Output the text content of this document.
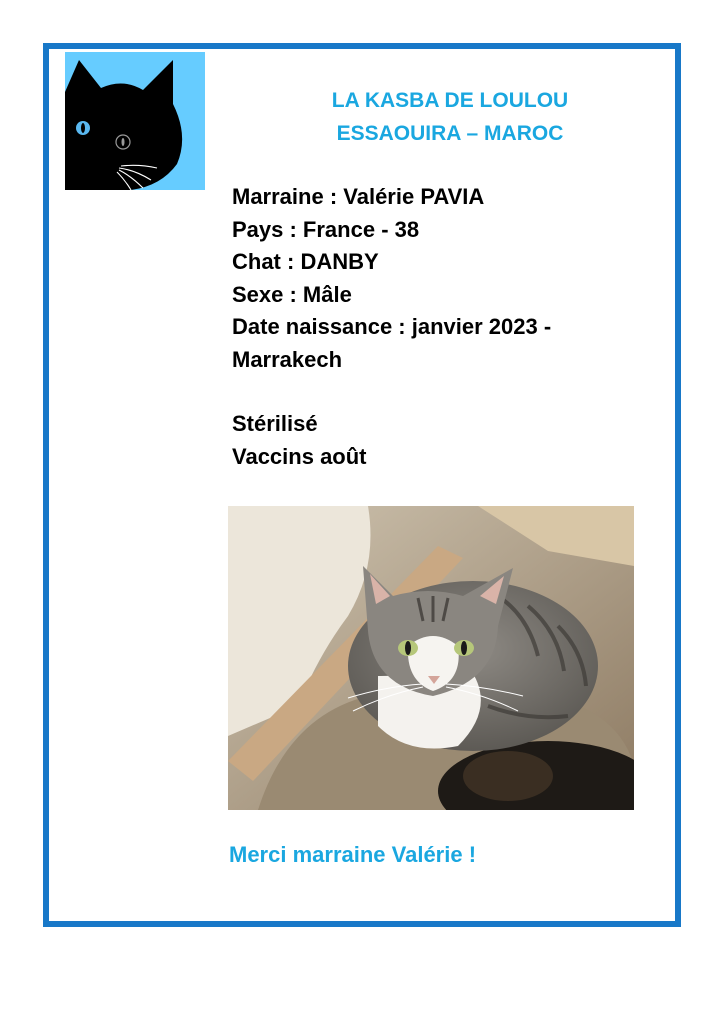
LA KASBA DE LOULOU
ESSAOUIRA – MAROC
Marraine : Valérie PAVIA
Pays : France - 38
Chat : DANBY
Sexe : Mâle
Date naissance : janvier 2023 -
Marrakech
Stérilisé
Vaccins août
Merci marraine Valérie !
